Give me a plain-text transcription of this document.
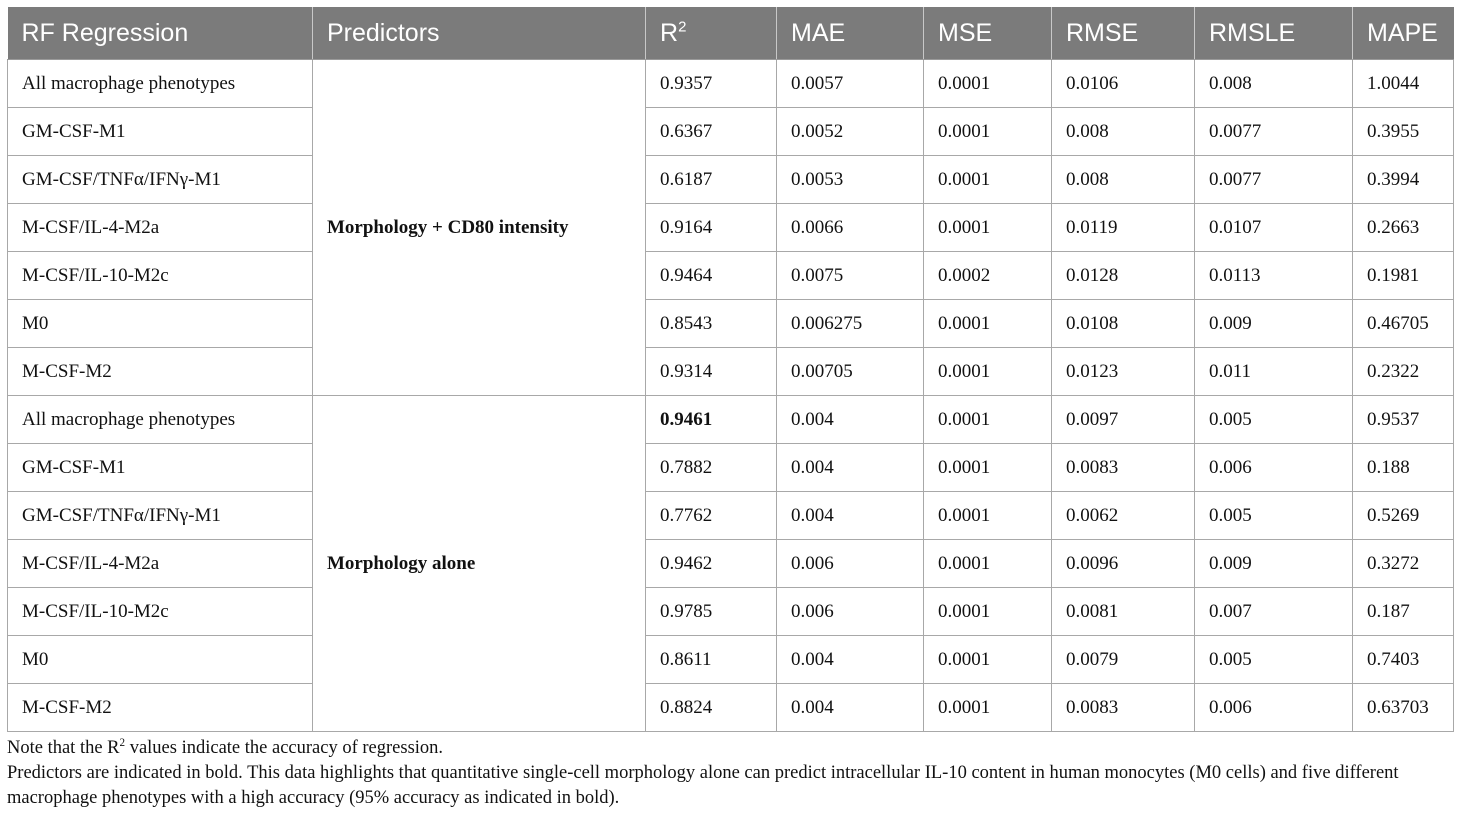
RF Regression	Predictors	$R^2$	MAE	MSE	RMSE	RMSLE	MAPE
All macrophage phenotypes	Morphology + CD80 intensity	0.9357	0.0057	0.0001	0.0106	0.008	1.0044
GM-CSF-M1		0.6367	0.0052	0.0001	0.008	0.0077	0.3955
GM-CSF/TNFα/IFNγ-M1		0.6187	0.0053	0.0001	0.008	0.0077	0.3994
M-CSF/IL-4-M2a		0.9164	0.0066	0.0001	0.0119	0.0107	0.2663
M-CSF/IL-10-M2c		0.9464	0.0075	0.0002	0.0128	0.0113	0.1981
M0		0.8543	0.006275	0.0001	0.0108	0.009	0.46705
M-CSF-M2		0.9314	0.00705	0.0001	0.0123	0.011	0.2322
All macrophage phenotypes	Morphology alone	0.9461	0.004	0.0001	0.0097	0.005	0.9537
GM-CSF-M1		0.7882	0.004	0.0001	0.0083	0.006	0.188
GM-CSF/TNFα/IFNγ-M1		0.7762	0.004	0.0001	0.0062	0.005	0.5269
M-CSF/IL-4-M2a		0.9462	0.006	0.0001	0.0096	0.009	0.3272
M-CSF/IL-10-M2c		0.9785	0.006	0.0001	0.0081	0.007	0.187
M0		0.8611	0.004	0.0001	0.0079	0.005	0.7403
M-CSF-M2		0.8824	0.004	0.0001	0.0083	0.006	0.63703
Note that the $R^2$ values indicate the accuracy of regression.
Predictors are indicated in bold. This data highlights that quantitative single-cell morphology alone can predict intracellular IL-10 content in human monocytes (M0 cells) and five different macrophage phenotypes with a high accuracy (95% accuracy as indicated in bold).
